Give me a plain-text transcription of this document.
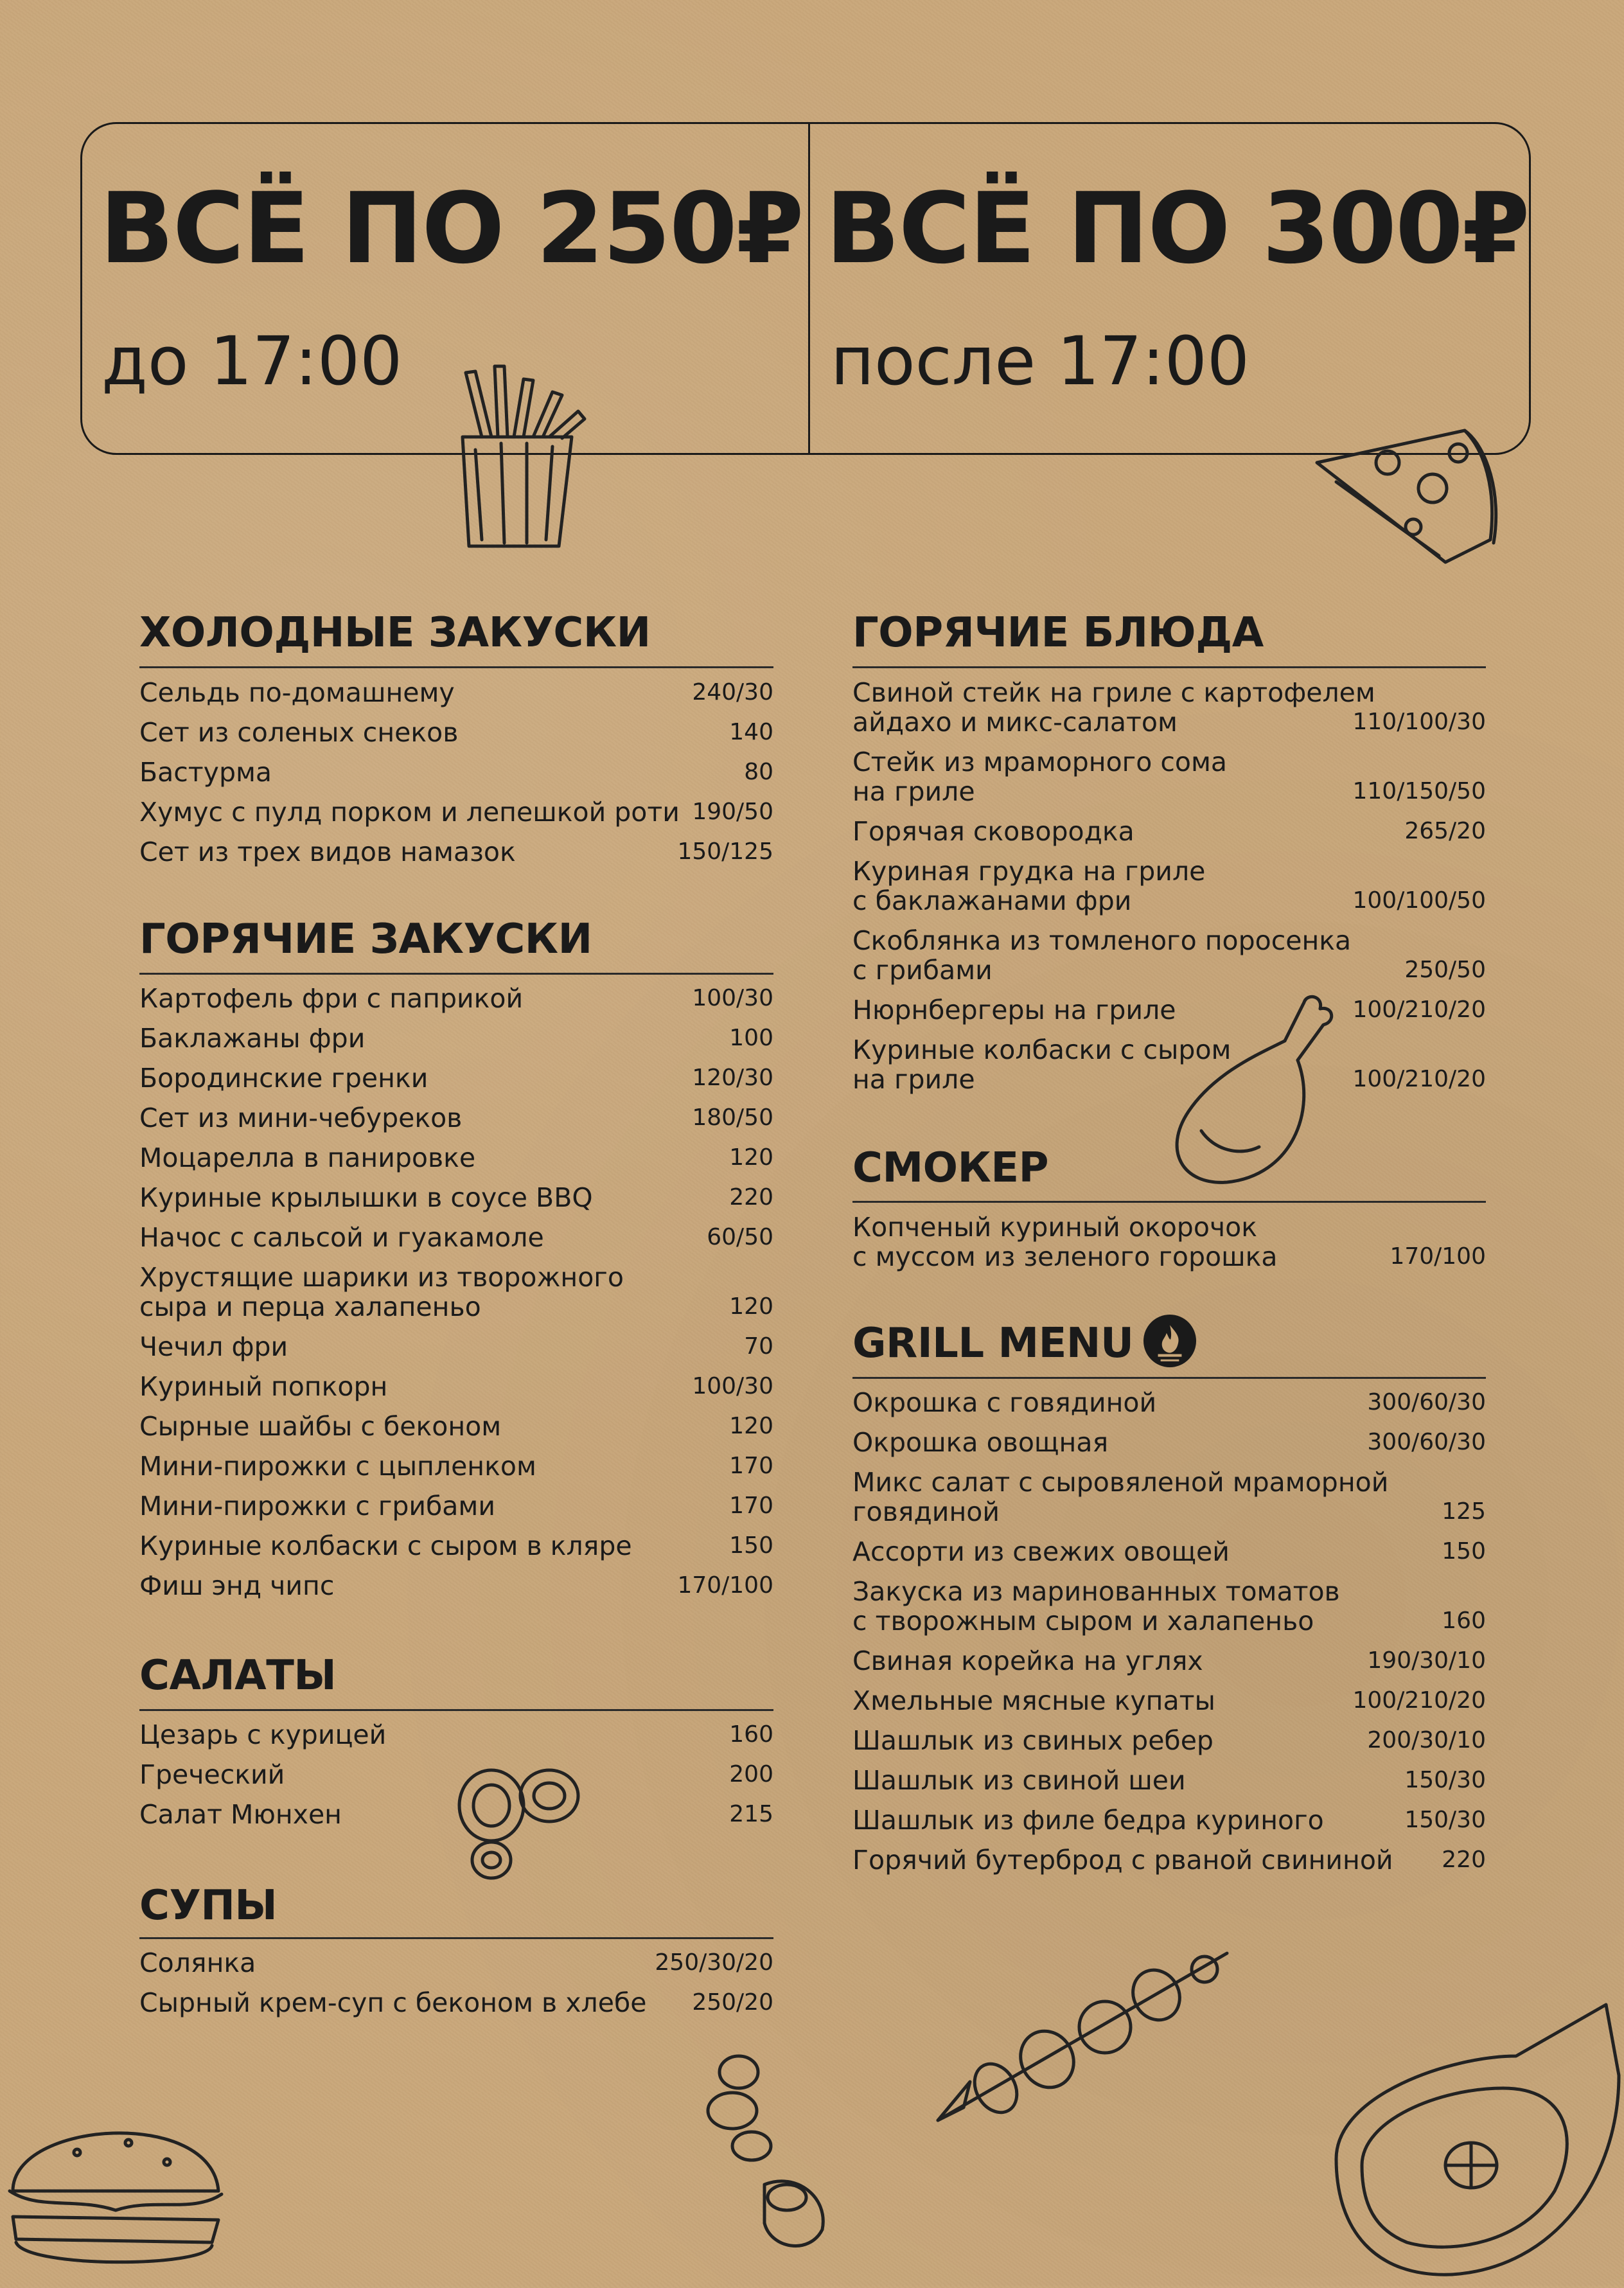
ВСЁ ПО 250₽
до 17:00
ВСЁ ПО 300₽
после 17:00
ХОЛОДНЫЕ ЗАКУСКИ
Сельдь по-домашнему	240/30
Сет из соленых снеков	140
Бастурма	80
Хумус с пулд порком и лепешкой роти 190/50
Сет из трех видов намазок	150/125
ГОРЯЧИЕ ЗАКУСКИ
Картофель фри с паприкой	100/30
Баклажаны фри	100
Бородинские гренки	120/30
Сет из мини-чебуреков	180/50
Моцарелла в панировке	120
Куриные крылышки в соусе BBQ	220
Начос с сальсой и гуакамоле	60/50
Хрустящие шарики из творожного
сыра и перца халапеньо	120
Чечил фри	70
Куриный попкорн	100/30
Сырные шайбы с беконом	120
Мини-пирожки с цыпленком	170
Мини-пирожки с грибами	170
Куриные колбаски с сыром в кляре	150
Фиш энд чипс	170/100
САЛАТЫ
Цезарь с курицей	160
Греческий	200
Салат Мюнхен	215
СУПЫ
Солянка	250/30/20
Сырный крем-суп с беконом в хлебе 250/20
ГОРЯЧИЕ БЛЮДА
Свиной стейк на гриле с картофелем
айдахо и микс-салатом	110/100/30
Стейк из мраморного сома
на гриле	110/150/50
Горячая сковородка	265/20
Куриная грудка на гриле
с баклажанами фри	100/100/50
Скоблянка из томленого поросенка
с грибами	250/50
Нюрнбергеры на гриле	100/210/20
Куриные колбаски с сыром
на гриле	100/210/20
СМОКЕР
Копченый куриный окорочок
с муссом из зеленого горошка	170/100
GRILL MENU
Окрошка с говядиной	300/60/30
Окрошка овощная	300/60/30
Микс салат с сыровяленой мраморной
говядиной	125
Ассорти из свежих овощей	150
Закуска из маринованных томатов
с творожным сыром и халапеньо	160
Свиная корейка на углях	190/30/10
Хмельные мясные купаты	100/210/20
Шашлык из свиных ребер	200/30/10
Шашлык из свиной шеи	150/30
Шашлык из филе бедра куриного	150/30
Горячий бутерброд с рваной свининой 220
